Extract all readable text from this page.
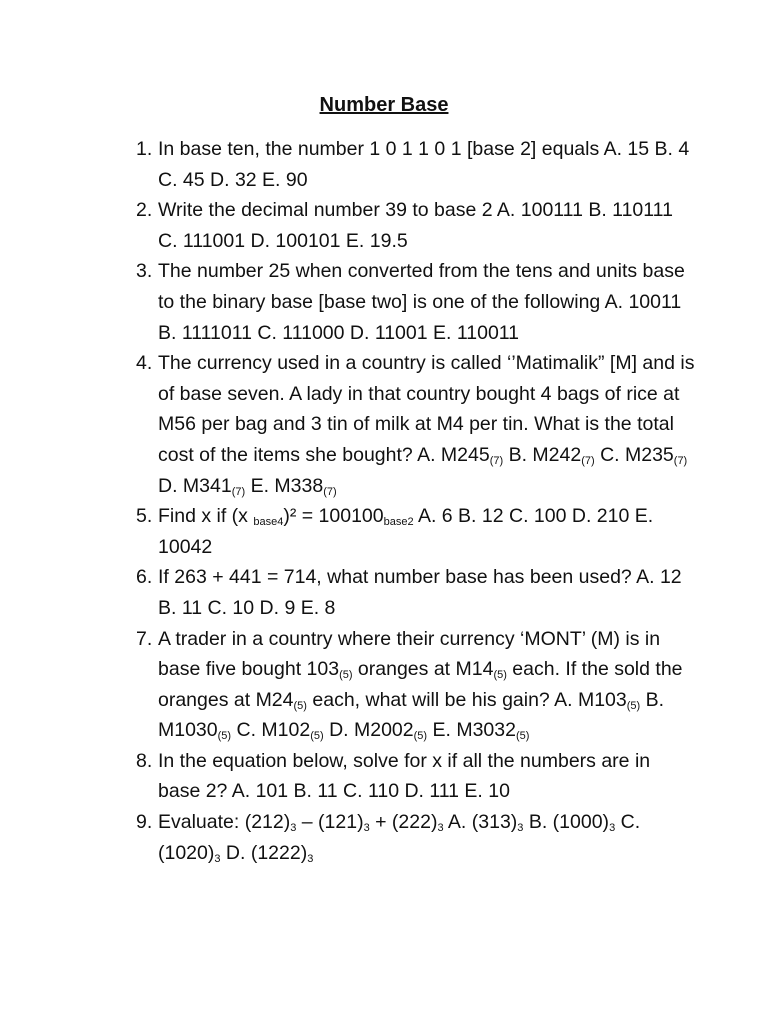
Number Base
1. In base ten, the number 1 0 1 1 0 1 [base 2] equals A. 15 B. 4 C. 45 D. 32 E. 90
2. Write the decimal number 39 to base 2 A. 100111 B. 110111 C. 111001 D. 100101 E. 19.5
3. The number 25 when converted from the tens and units base to the binary base [base two] is one of the following A. 10011 B. 1111011 C. 111000 D. 11001 E. 110011
4. The currency used in a country is called ‘’Matimalik” [M] and is of base seven. A lady in that country bought 4 bags of rice at M56 per bag and 3 tin of milk at M4 per tin. What is the total cost of the items she bought? A. $M245_{(7)}$ B. $M242_{(7)}$ C. $M235_{(7)}$ D. $M341_{(7)}$ E. $M338_{(7)}$
5. Find x if (x $_{base4})^2 = 100100_{base2}$ A. 6 B. 12 C. 100 D. 210 E. 10042
6. If 263 + 441 = 714, what number base has been used? A. 12 B. 11 C. 10 D. 9 E. 8
7. A trader in a country where their currency ‘MONT’ (M) is in base five bought $103_{(5)}$ oranges at $M14_{(5)}$ each. If the sold the oranges at $M24_{(5)}$ each, what will be his gain? A. $M103_{(5)}$ B. $M1030_{(5)}$ C. $M102_{(5)}$ D. $M2002_{(5)}$ E. $M3032_{(5)}$
8. In the equation below, solve for x if all the numbers are in base 2? A. 101 B. 11 C. 110 D. 111 E. 10
9. Evaluate: $(212)_3 - (121)_3 + (222)_3$ A. $(313)_3$ B. $(1000)_3$ C. $(1020)_3$ D. $(1222)_3$
